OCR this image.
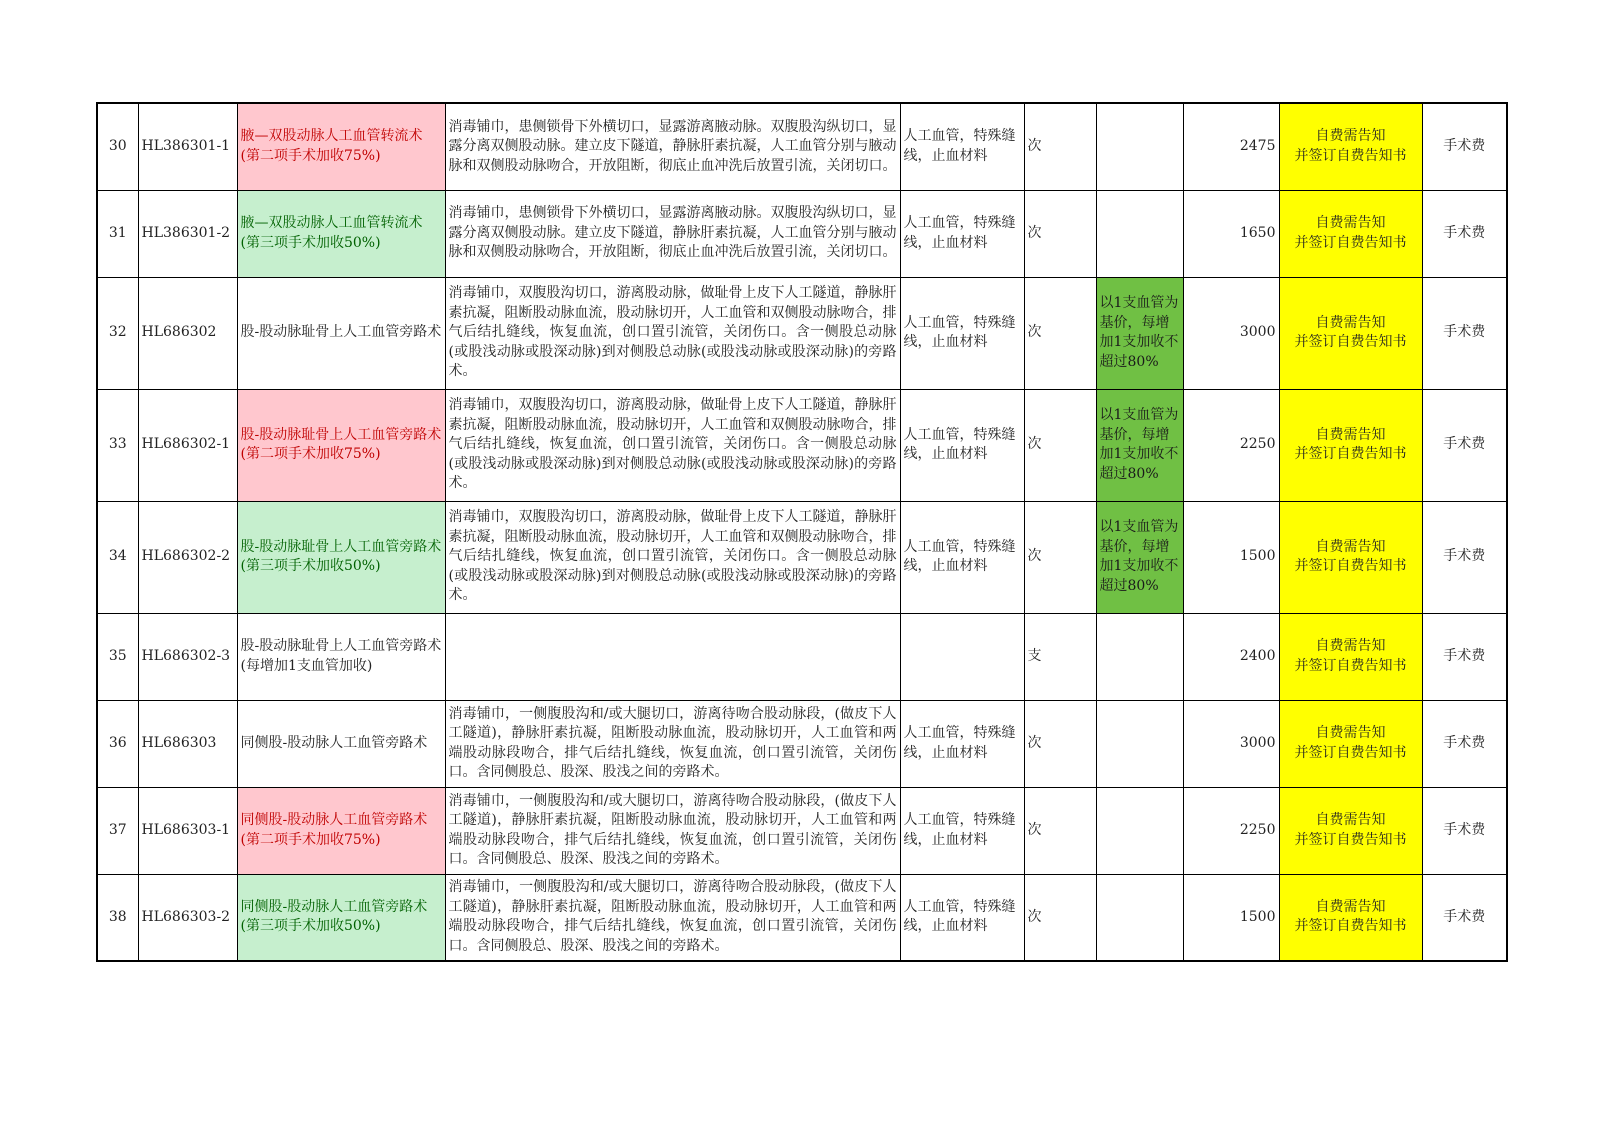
30	HL386301-1	腋—双股动脉人工血管转流术(第二项手术加收75%)	消毒铺巾，患侧锁骨下外横切口，显露游离腋动脉。双腹股沟纵切口，显露分离双侧股动脉。建立皮下隧道，静脉肝素抗凝，人工血管分别与腋动脉和双侧股动脉吻合，开放阻断，彻底止血冲洗后放置引流，关闭切口。	人工血管，特殊缝线，止血材料	次		2475	自费需告知
并签订自费告知书	手术费
31	HL386301-2	腋—双股动脉人工血管转流术(第三项手术加收50%)	消毒铺巾，患侧锁骨下外横切口，显露游离腋动脉。双腹股沟纵切口，显露分离双侧股动脉。建立皮下隧道，静脉肝素抗凝，人工血管分别与腋动脉和双侧股动脉吻合，开放阻断，彻底止血冲洗后放置引流，关闭切口。	人工血管，特殊缝线，止血材料	次		1650	自费需告知
并签订自费告知书	手术费
32	HL686302	股-股动脉耻骨上人工血管旁路术	消毒铺巾，双腹股沟切口，游离股动脉，做耻骨上皮下人工隧道，静脉肝素抗凝，阻断股动脉血流，股动脉切开，人工血管和双侧股动脉吻合，排气后结扎缝线，恢复血流，创口置引流管，关闭伤口。含一侧股总动脉(或股浅动脉或股深动脉)到对侧股总动脉(或股浅动脉或股深动脉)的旁路术。	人工血管，特殊缝线，止血材料	次	以1支血管为基价，每增加1支加收不超过80%	3000	自费需告知
并签订自费告知书	手术费
33	HL686302-1	股-股动脉耻骨上人工血管旁路术(第二项手术加收75%)	消毒铺巾，双腹股沟切口，游离股动脉，做耻骨上皮下人工隧道，静脉肝素抗凝，阻断股动脉血流，股动脉切开，人工血管和双侧股动脉吻合，排气后结扎缝线，恢复血流，创口置引流管，关闭伤口。含一侧股总动脉(或股浅动脉或股深动脉)到对侧股总动脉(或股浅动脉或股深动脉)的旁路术。	人工血管，特殊缝线，止血材料	次	以1支血管为基价，每增加1支加收不超过80%	2250	自费需告知
并签订自费告知书	手术费
34	HL686302-2	股-股动脉耻骨上人工血管旁路术(第三项手术加收50%)	消毒铺巾，双腹股沟切口，游离股动脉，做耻骨上皮下人工隧道，静脉肝素抗凝，阻断股动脉血流，股动脉切开，人工血管和双侧股动脉吻合，排气后结扎缝线，恢复血流，创口置引流管，关闭伤口。含一侧股总动脉(或股浅动脉或股深动脉)到对侧股总动脉(或股浅动脉或股深动脉)的旁路术。	人工血管，特殊缝线，止血材料	次	以1支血管为基价，每增加1支加收不超过80%	1500	自费需告知
并签订自费告知书	手术费
35	HL686302-3	股-股动脉耻骨上人工血管旁路术(每增加1支血管加收)			支		2400	自费需告知
并签订自费告知书	手术费
36	HL686303	同侧股-股动脉人工血管旁路术	消毒铺巾，一侧腹股沟和/或大腿切口，游离待吻合股动脉段，(做皮下人工隧道)，静脉肝素抗凝，阻断股动脉血流，股动脉切开，人工血管和两端股动脉段吻合，排气后结扎缝线，恢复血流，创口置引流管，关闭伤口。含同侧股总、股深、股浅之间的旁路术。	人工血管，特殊缝线，止血材料	次		3000	自费需告知
并签订自费告知书	手术费
37	HL686303-1	同侧股-股动脉人工血管旁路术(第二项手术加收75%)	消毒铺巾，一侧腹股沟和/或大腿切口，游离待吻合股动脉段，(做皮下人工隧道)，静脉肝素抗凝，阻断股动脉血流，股动脉切开，人工血管和两端股动脉段吻合，排气后结扎缝线，恢复血流，创口置引流管，关闭伤口。含同侧股总、股深、股浅之间的旁路术。	人工血管，特殊缝线，止血材料	次		2250	自费需告知
并签订自费告知书	手术费
38	HL686303-2	同侧股-股动脉人工血管旁路术(第三项手术加收50%)	消毒铺巾，一侧腹股沟和/或大腿切口，游离待吻合股动脉段，(做皮下人工隧道)，静脉肝素抗凝，阻断股动脉血流，股动脉切开，人工血管和两端股动脉段吻合，排气后结扎缝线，恢复血流，创口置引流管，关闭伤口。含同侧股总、股深、股浅之间的旁路术。	人工血管，特殊缝线，止血材料	次		1500	自费需告知
并签订自费告知书	手术费
